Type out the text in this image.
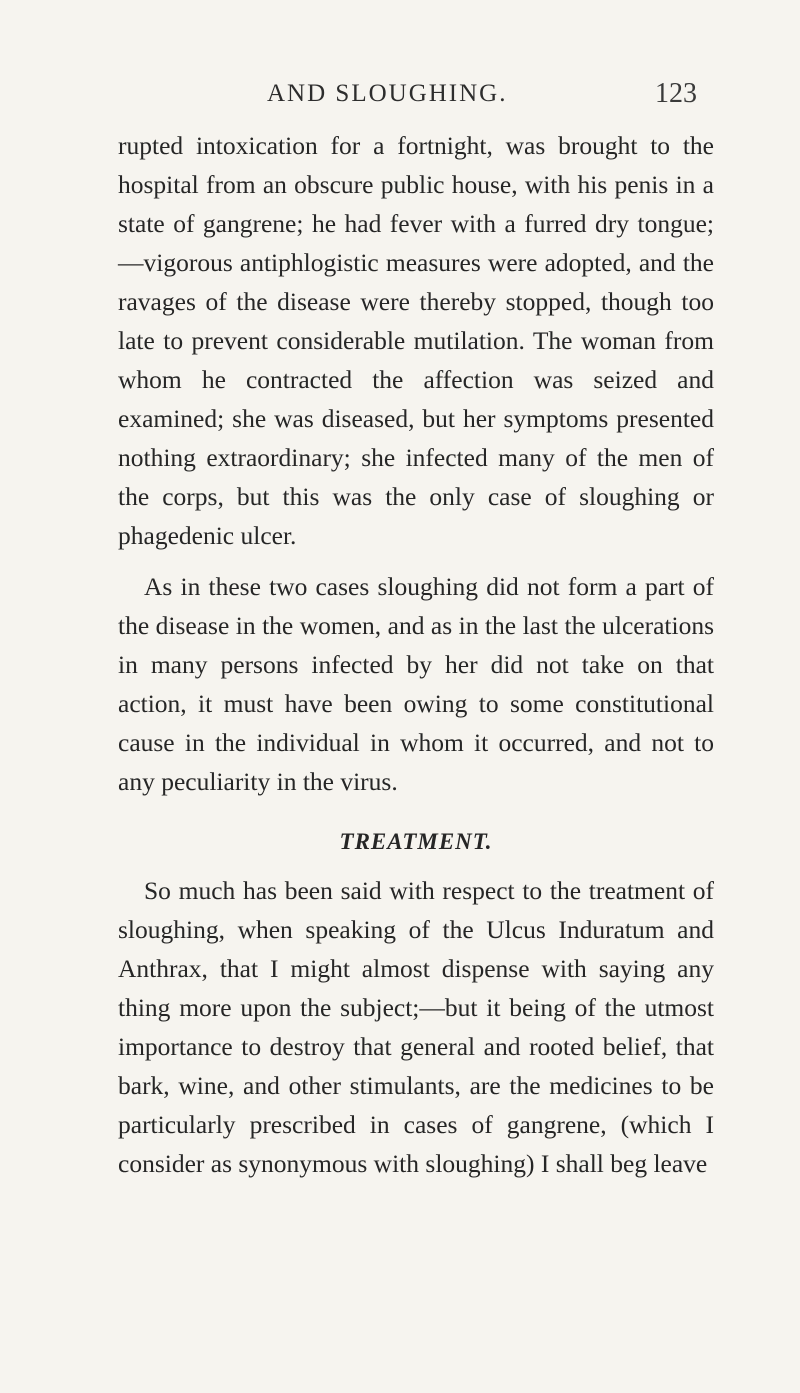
AND SLOUGHING.	123

rupted intoxication for a fortnight, was brought to the hospital from an obscure public house, with his penis in a state of gangrene; he had fever with a furred dry tongue;—vigorous antiphlogistic measures were adopted, and the ravages of the disease were thereby stopped, though too late to prevent considerable mutilation. The woman from whom he contracted the affection was seized and examined; she was diseased, but her symptoms presented nothing extraordinary; she infected many of the men of the corps, but this was the only case of sloughing or phagedenic ulcer.

As in these two cases sloughing did not form a part of the disease in the women, and as in the last the ulcerations in many persons infected by her did not take on that action, it must have been owing to some constitutional cause in the individual in whom it occurred, and not to any peculiarity in the virus.

TREATMENT.

So much has been said with respect to the treatment of sloughing, when speaking of the Ulcus Induratum and Anthrax, that I might almost dispense with saying any thing more upon the subject;—but it being of the utmost importance to destroy that general and rooted belief, that bark, wine, and other stimulants, are the medicines to be particularly prescribed in cases of gangrene, (which I consider as synonymous with sloughing) I shall beg leave
